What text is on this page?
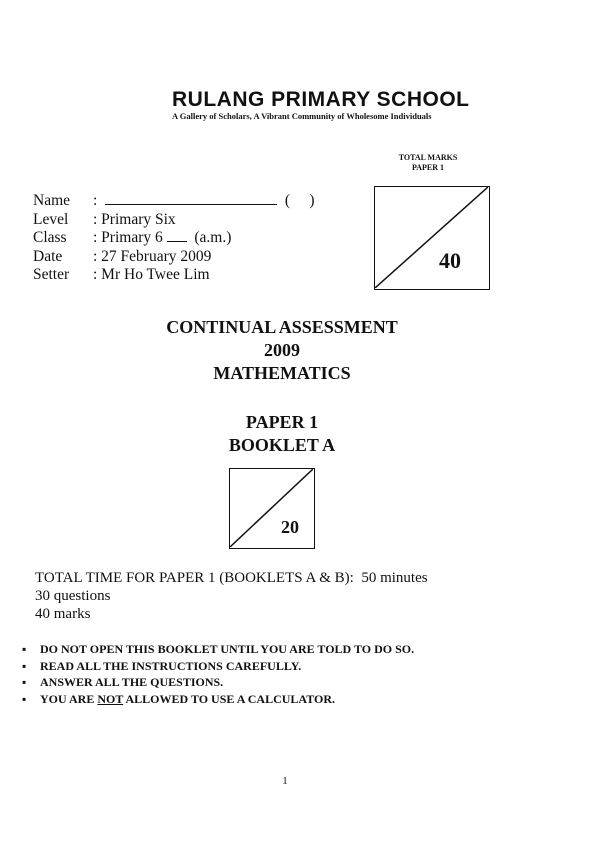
RULANG PRIMARY SCHOOL
A Gallery of Scholars, A Vibrant Community of Wholesome Individuals
TOTAL MARKS
PAPER 1
40
Name	:	(     )
Level	: Primary Six
Class	: Primary 6 (a.m.)
Date	: 27 February 2009
Setter	: Mr Ho Twee Lim
CONTINUAL ASSESSMENT
2009
MATHEMATICS
PAPER 1
BOOKLET A
20
TOTAL TIME FOR PAPER 1 (BOOKLETS A & B):  50 minutes
30 questions
40 marks
▪ DO NOT OPEN THIS BOOKLET UNTIL YOU ARE TOLD TO DO SO.
▪ READ ALL THE INSTRUCTIONS CAREFULLY.
▪ ANSWER ALL THE QUESTIONS.
▪ YOU ARE NOT ALLOWED TO USE A CALCULATOR.
1
